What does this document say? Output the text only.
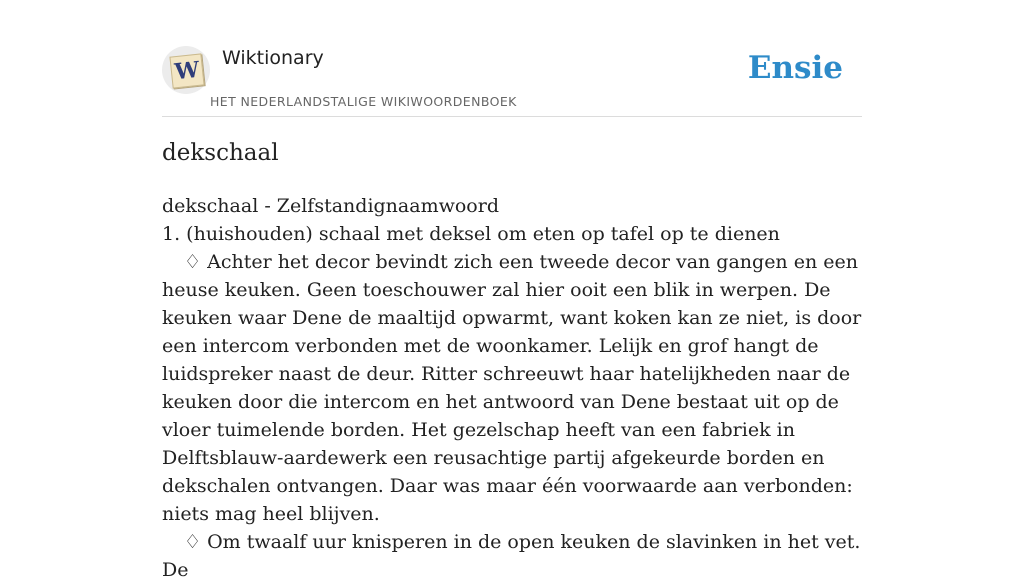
W Wiktionary
HET NEDERLANDSTALIGE WIKIWOORDENBOEK
Ensie
dekschaal

dekschaal - Zelfstandignaamwoord

1. (huishouden) schaal met deksel om eten op tafel op te dienen

♢ Achter het decor bevindt zich een tweede decor van gangen en een heuse keuken. Geen toeschouwer zal hier ooit een blik in werpen. De keuken waar Dene de maaltijd opwarmt, want koken kan ze niet, is door een intercom verbonden met de woonkamer. Lelijk en grof hangt de luidspreker naast de deur. Ritter schreeuwt haar hatelijkheden naar de keuken door die intercom en het antwoord van Dene bestaat uit op de vloer tuimelende borden. Het gezelschap heeft van een fabriek in Delftsblauw-aardewerk een reusachtige partij afgekeurde borden en dekschalen ontvangen. Daar was maar één voorwaarde aan verbonden: niets mag heel blijven.

♢ Om twaalf uur knisperen in de open keuken de slavinken in het vet. De
